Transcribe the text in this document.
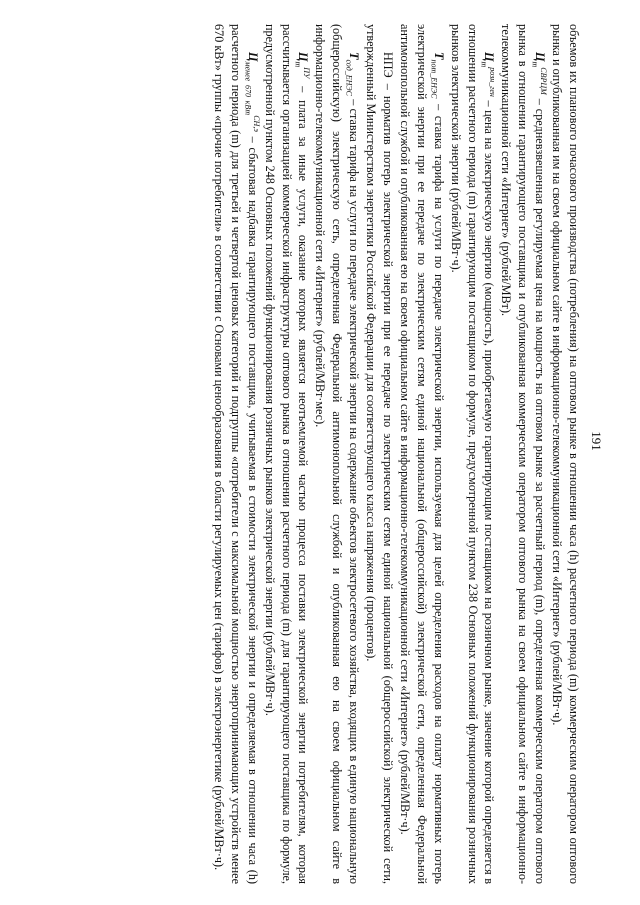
191

объемов их планового почасового производства (потребления) на оптовом рынке в отношении часа (h) расчетного периода (m) коммерческим оператором оптового рынка и опубликованная им на своем официальном сайте в информационно-телекоммуникационной сети «Интернет» (рублей/МВт·ч).

$Ц_m^{СВРЦМ}$ – средневзвешенная регулируемая цена на мощность на оптовом рынке за расчетный период (m), определенная коммерческим оператором оптового рынка в отношении гарантирующего поставщика и опубликованная коммерческим оператором оптового рынка на своем официальном сайте в информационно-телекоммуникационной сети «Интернет» (рублей/МВт).

$Ц_m^{розн\_ген}$ – цена на электрическую энергию (мощность), приобретаемую гарантирующим поставщиком на розничном рынке, значение которой определяется в отношении расчетного периода (m) гарантирующим поставщиком по формуле, предусмотренной пунктом 238 Основных положений функционирования розничных рынков электрической энергии (рублей/МВт·ч).

$Т_{пот\_ЕНЭС}$ – ставка тарифа на услуги по передаче электрической энергии, используемая для целей определения расходов на оплату нормативных потерь электрической энергии при ее передаче по электрическим сетям единой национальной (общероссийской) электрической сети, определенная Федеральной антимонопольной службой и опубликованная ею на своем официальном сайте в информационно-телекоммуникационной сети «Интернет» (рублей/МВт·ч).

НПЭ – норматив потерь электрической энергии при ее передаче по электрическим сетям единой национальной (общероссийской) электрической сети, утвержденный Министерством энергетики Российской Федерации для соответствующего класса напряжения (процентов).

$Т_{сод\_ЕНЭС}$ – ставка тарифа на услуги по передаче электрической энергии на содержание объектов электросетевого хозяйства, входящих в единую национальную (общероссийскую) электрическую сеть, определенная Федеральной антимонопольной службой и опубликованная ею на своем официальном сайте в информационно-телекоммуникационной сети «Интернет» (рублей/МВт·мес).

$Ц_m^{ПУ}$ – плата за иные услуги, оказание которых является неотъемлемой частью процесса поставки электрической энергии потребителям, которая рассчитывается организацией коммерческой инфраструктуры оптового рынка в отношении расчетного периода (m) для гарантирующего поставщика по формуле, предусмотренной пунктом 248 Основных положений функционирования розничных рынков электрической энергии (рублей/МВт·ч).

$Ц_{менее 670 кВт}^{СН,э}$ – сбытовая надбавка гарантирующего поставщика, учитываемая в стоимости электрической энергии и определяемая в отношении часа (h) расчетного периода (m) для третьей и четвертой ценовых категорий и подгруппы «потребители с максимальной мощностью энергопринимающих устройств менее 670 кВт» группы «прочие потребители» в соответствии с Основами ценообразования в области регулируемых цен (тарифов) в электроэнергетике (рублей/МВт·ч).
